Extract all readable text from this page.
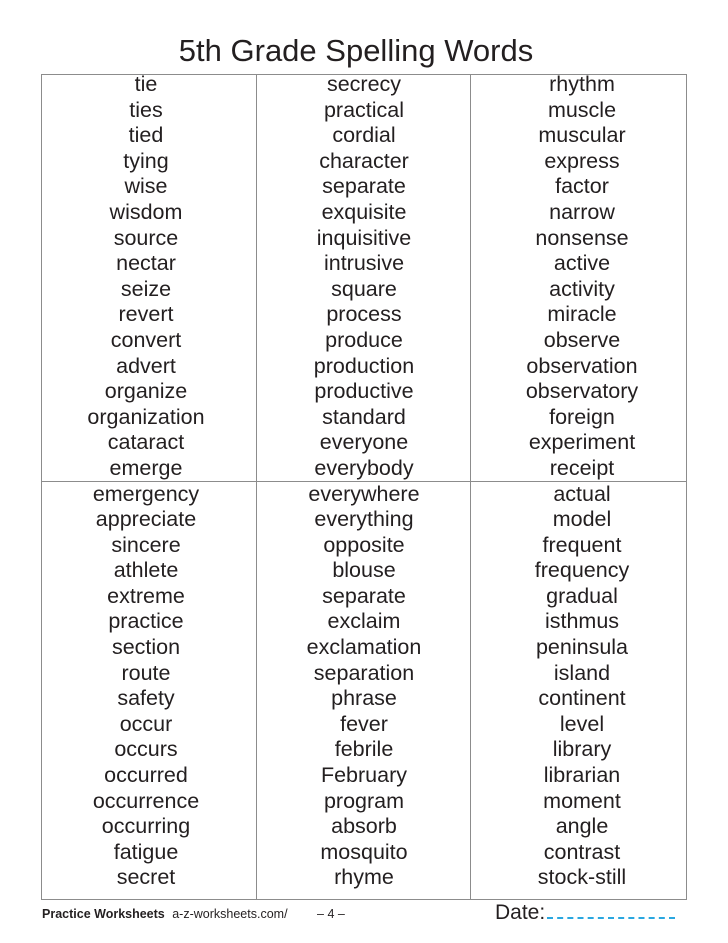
5th Grade Spelling Words
tie
ties
tied
tying
wise
wisdom
source
nectar
seize
revert
convert
advert
organize
organization
cataract
emerge
emergency
appreciate
sincere
athlete
extreme
practice
section
route
safety
occur
occurs
occurred
occurrence
occurring
fatigue
secret
secrecy
practical
cordial
character
separate
exquisite
inquisitive
intrusive
square
process
produce
production
productive
standard
everyone
everybody
everywhere
everything
opposite
blouse
separate
exclaim
exclamation
separation
phrase
fever
febrile
February
program
absorb
mosquito
rhyme
rhythm
muscle
muscular
express
factor
narrow
nonsense
active
activity
miracle
observe
observation
observatory
foreign
experiment
receipt
actual
model
frequent
frequency
gradual
isthmus
peninsula
island
continent
level
library
librarian
moment
angle
contrast
stock-still
Practice Worksheets a-z-worksheets.com/ – 4 –	Date:
